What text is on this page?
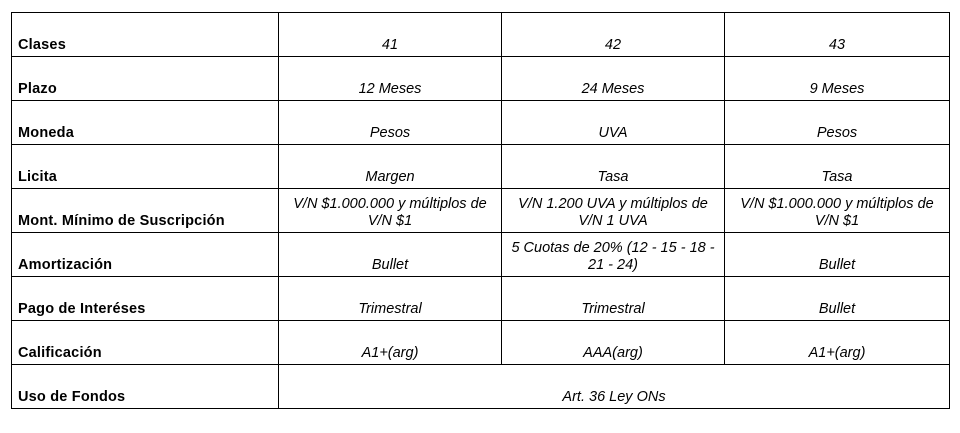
Clases	41	42	43
Plazo	12 Meses	24 Meses	9 Meses
Moneda	Pesos	UVA	Pesos
Licita	Margen	Tasa	Tasa
Mont. Mínimo de Suscripción	V/N $1.000.000 y múltiplos de V/N $1	V/N 1.200 UVA y múltiplos de V/N 1 UVA	V/N $1.000.000 y múltiplos de V/N $1
Amortización	Bullet	5 Cuotas de 20% (12 - 15 - 18 - 21 - 24)	Bullet
Pago de Interéses	Trimestral	Trimestral	Bullet
Calificación	A1+(arg)	AAA(arg)	A1+(arg)
Uso de Fondos	Art. 36 Ley ONs		
